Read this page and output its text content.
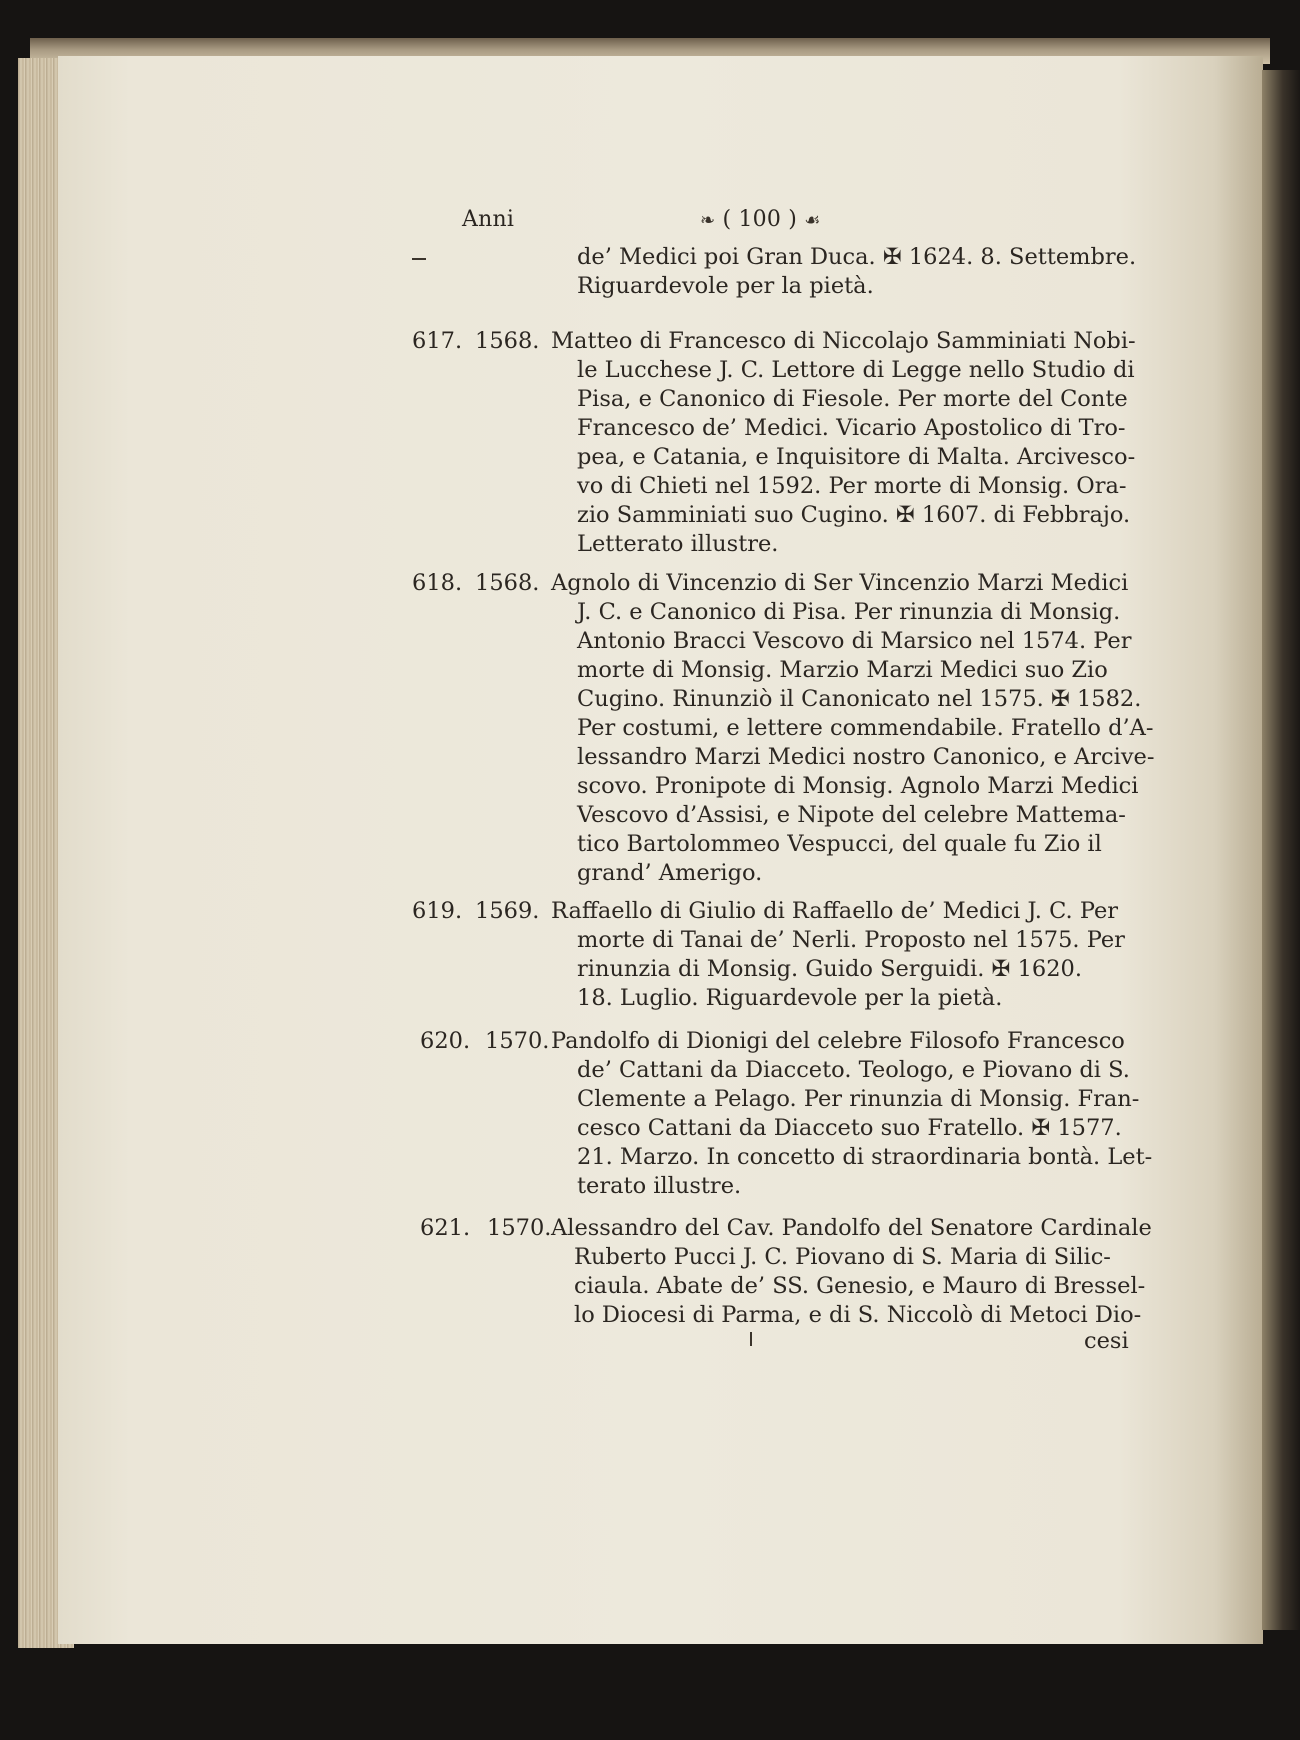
Anni	❧ ( 100 ) ☙
de’ Medici poi Gran Duca. ✠ 1624. 8. Settembre.
Riguardevole per la pietà.
617. 1568. Matteo di Francesco di Niccolajo Samminiati Nobi-
le Lucchese J. C. Lettore di Legge nello Studio di
Pisa, e Canonico di Fiesole. Per morte del Conte
Francesco de’ Medici. Vicario Apostolico di Tro-
pea, e Catania, e Inquisitore di Malta. Arcivesco-
vo di Chieti nel 1592. Per morte di Monsig. Ora-
zio Samminiati suo Cugino. ✠ 1607. di Febbrajo.
Letterato illustre.
618. 1568. Agnolo di Vincenzio di Ser Vincenzio Marzi Medici
J. C. e Canonico di Pisa. Per rinunzia di Monsig.
Antonio Bracci Vescovo di Marsico nel 1574. Per
morte di Monsig. Marzio Marzi Medici suo Zio
Cugino. Rinunziò il Canonicato nel 1575. ✠ 1582.
Per costumi, e lettere commendabile. Fratello d’A-
lessandro Marzi Medici nostro Canonico, e Arcive-
scovo. Pronipote di Monsig. Agnolo Marzi Medici
Vescovo d’Assisi, e Nipote del celebre Mattema-
tico Bartolommeo Vespucci, del quale fu Zio il
grand’ Amerigo.
619. 1569. Raffaello di Giulio di Raffaello de’ Medici J. C. Per
morte di Tanai de’ Nerli. Proposto nel 1575. Per
rinunzia di Monsig. Guido Serguidi. ✠ 1620.
18. Luglio. Riguardevole per la pietà.
620. 1570. Pandolfo di Dionigi del celebre Filosofo Francesco
de’ Cattani da Diacceto. Teologo, e Piovano di S.
Clemente a Pelago. Per rinunzia di Monsig. Fran-
cesco Cattani da Diacceto suo Fratello. ✠ 1577.
21. Marzo. In concetto di straordinaria bontà. Let-
terato illustre.
621. 1570. Alessandro del Cav. Pandolfo del Senatore Cardinale
Ruberto Pucci J. C. Piovano di S. Maria di Silic-
ciaula. Abate de’ SS. Genesio, e Mauro di Bressel-
lo Diocesi di Parma, e di S. Niccolò di Metoci Dio-
cesi
